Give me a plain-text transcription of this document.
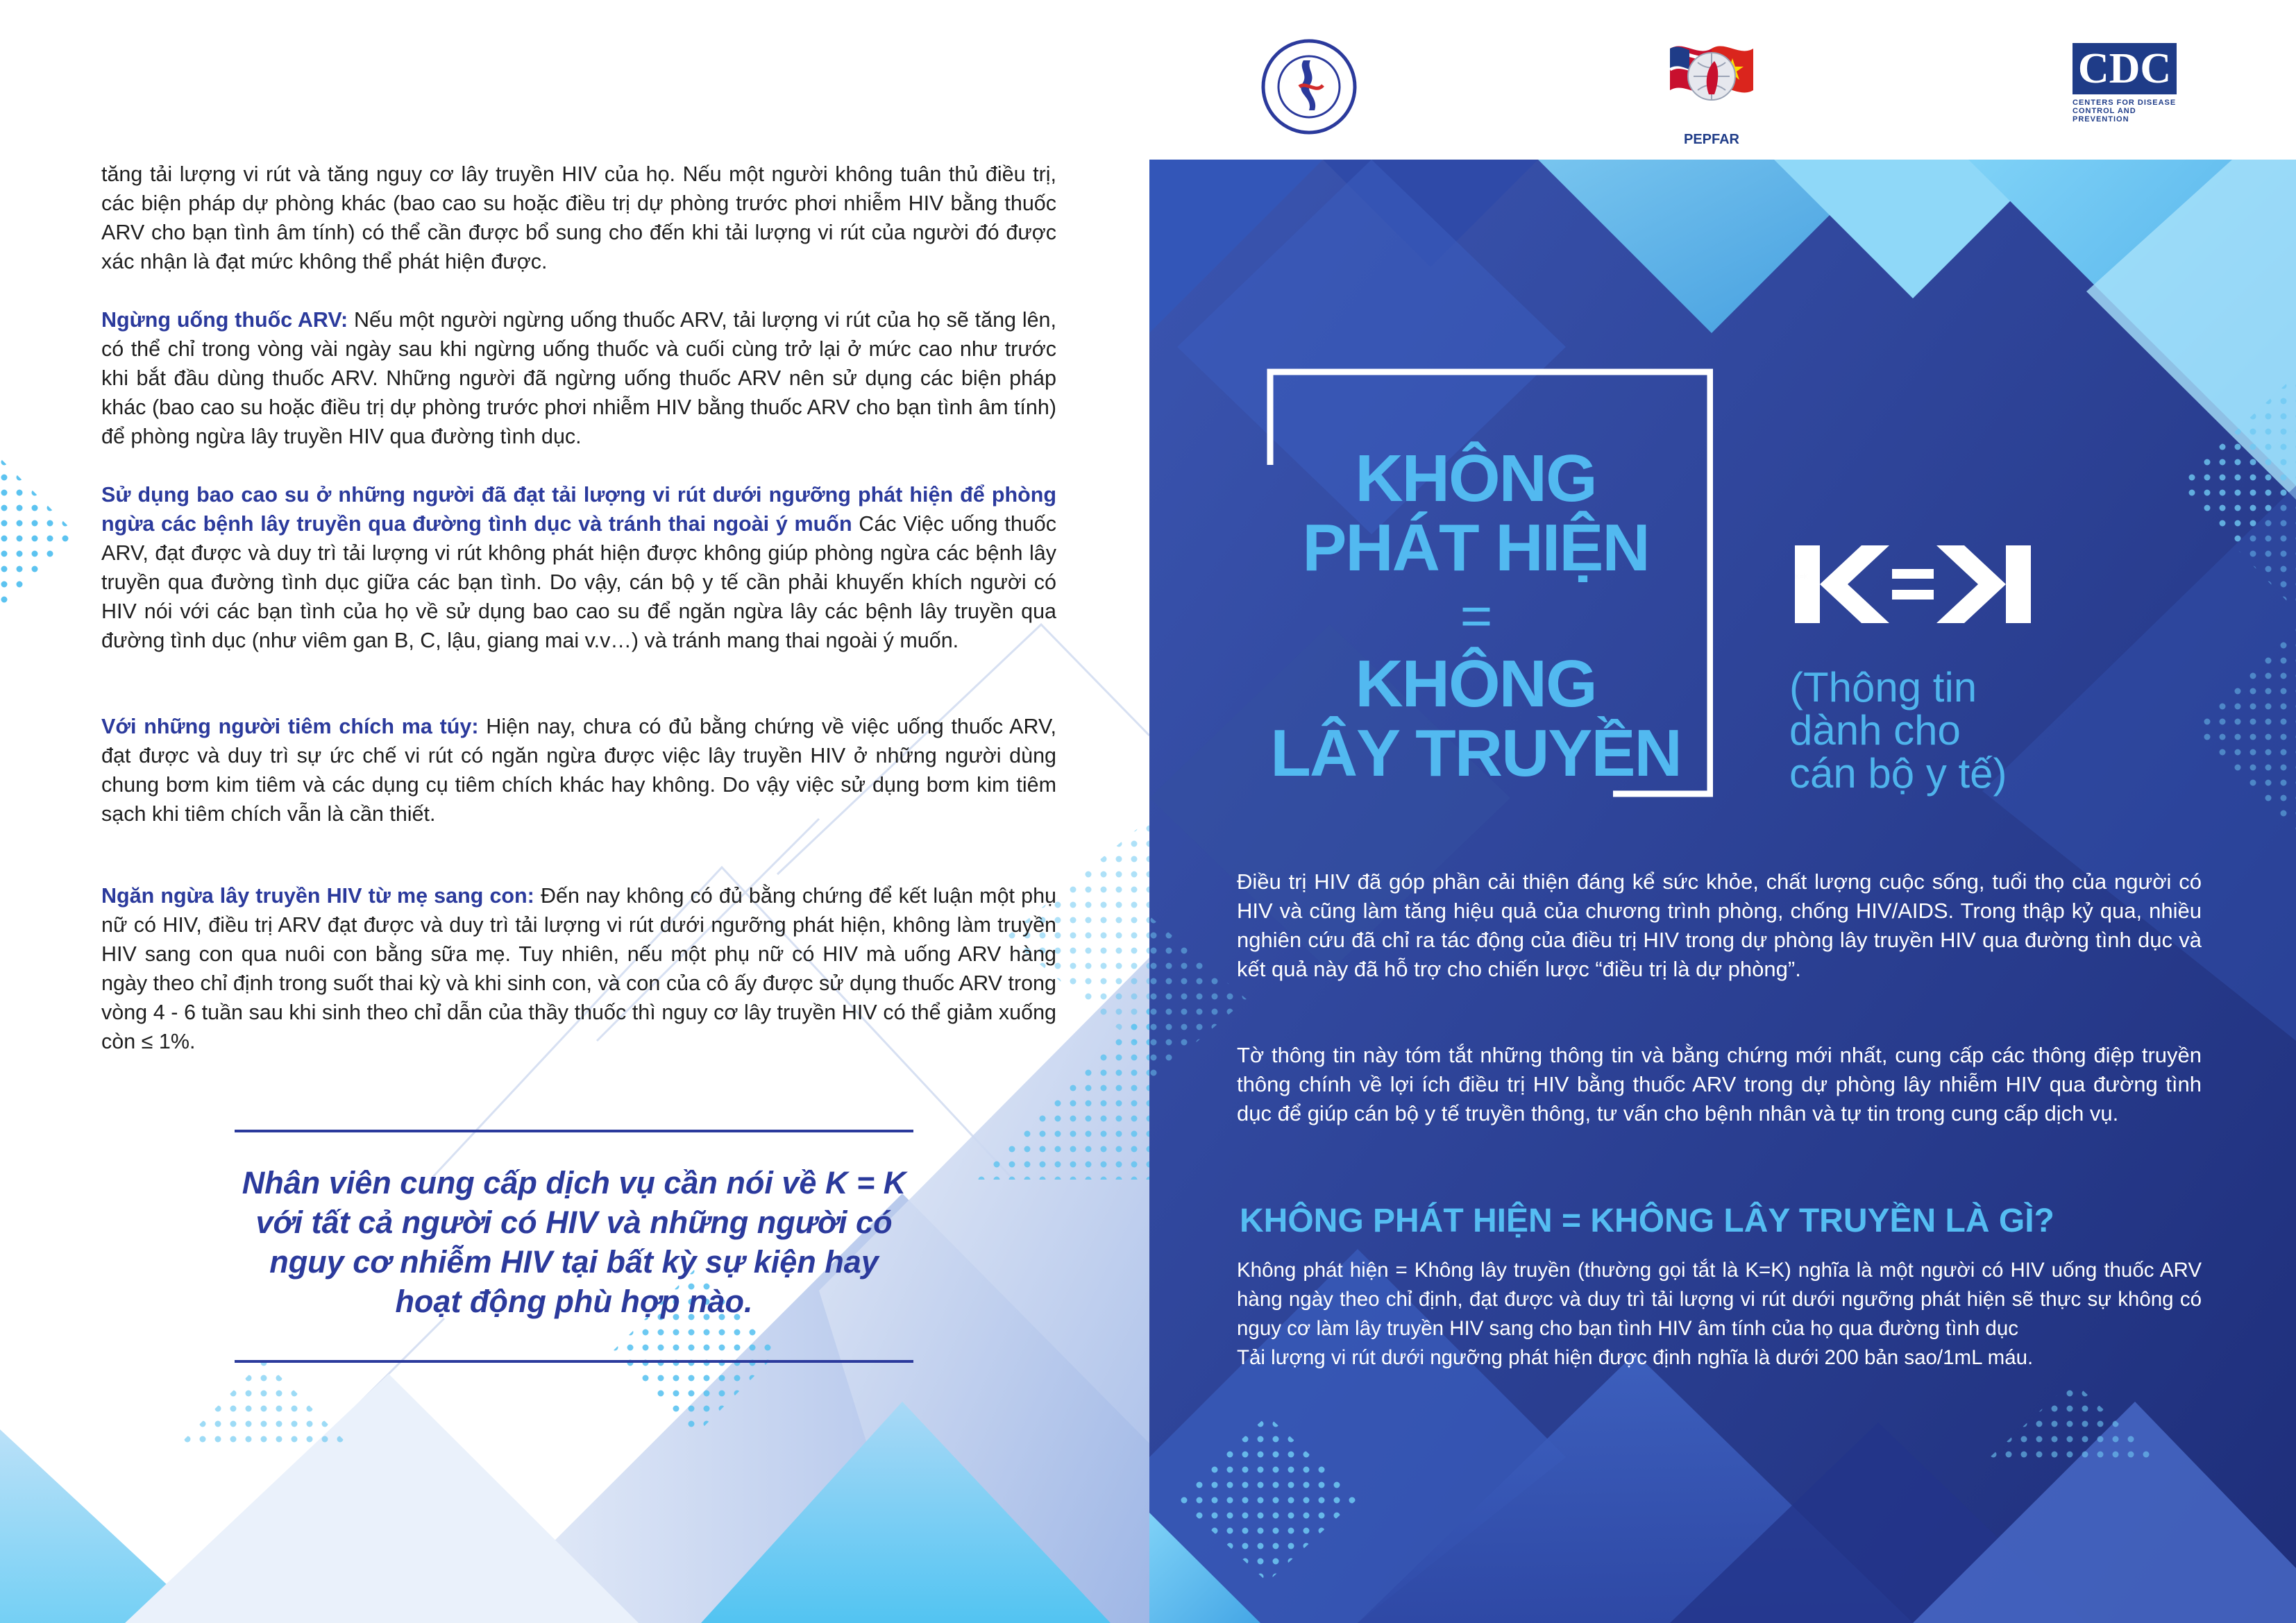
tăng tải lượng vi rút và tăng nguy cơ lây truyền HIV của họ. Nếu một người không tuân thủ điều trị, các biện pháp dự phòng khác (bao cao su hoặc điều trị dự phòng trước phơi nhiễm HIV bằng thuốc ARV cho bạn tình âm tính) có thể cần được bổ sung cho đến khi tải lượng vi rút của người đó được xác nhận là đạt mức không thể phát hiện được.

Ngừng uống thuốc ARV: Nếu một người ngừng uống thuốc ARV, tải lượng vi rút của họ sẽ tăng lên, có thể chỉ trong vòng vài ngày sau khi ngừng uống thuốc và cuối cùng trở lại ở mức cao như trước khi bắt đầu dùng thuốc ARV. Những người đã ngừng uống thuốc ARV nên sử dụng các biện pháp khác (bao cao su hoặc điều trị dự phòng trước phơi nhiễm HIV bằng thuốc ARV cho bạn tình âm tính) để phòng ngừa lây truyền HIV qua đường tình dục.

Sử dụng bao cao su ở những người đã đạt tải lượng vi rút dưới ngưỡng phát hiện để phòng ngừa các bệnh lây truyền qua đường tình dục và tránh thai ngoài ý muốn Các Việc uống thuốc ARV, đạt được và duy trì tải lượng vi rút không phát hiện được không giúp phòng ngừa các bệnh lây truyền qua đường tình dục giữa các bạn tình. Do vậy, cán bộ y tế cần phải khuyến khích người có HIV nói với các bạn tình của họ về sử dụng bao cao su để ngăn ngừa lây các bệnh lây truyền qua đường tình dục (như viêm gan B, C, lậu, giang mai v.v…) và tránh mang thai ngoài ý muốn.

Với những người tiêm chích ma túy: Hiện nay, chưa có đủ bằng chứng về việc uống thuốc ARV, đạt được và duy trì sự ức chế vi rút có ngăn ngừa được việc lây truyền HIV ở những người dùng chung bơm kim tiêm và các dụng cụ tiêm chích khác hay không. Do vậy việc sử dụng bơm kim tiêm sạch khi tiêm chích vẫn là cần thiết.

Ngăn ngừa lây truyền HIV từ mẹ sang con: Đến nay không có đủ bằng chứng để kết luận một phụ nữ có HIV, điều trị ARV đạt được và duy trì tải lượng vi rút dưới ngưỡng phát hiện, không làm truyền HIV sang con qua nuôi con bằng sữa mẹ. Tuy nhiên, nếu một phụ nữ có HIV mà uống ARV hàng ngày theo chỉ định trong suốt thai kỳ và khi sinh con, và con của cô ấy được sử dụng thuốc ARV trong vòng 4 - 6 tuần sau khi sinh theo chỉ dẫn của thầy thuốc thì nguy cơ lây truyền HIV có thể giảm xuống còn ≤ 1%.

Nhân viên cung cấp dịch vụ cần nói về K = K với tất cả người có HIV và những người có nguy cơ nhiễm HIV tại bất kỳ sự kiện hay hoạt động phù hợp nào.
PEPFAR
CDC
CENTERS FOR DISEASE
CONTROL AND PREVENTION
KHÔNG
PHÁT HIỆN
=
KHÔNG
LÂY TRUYỀN
(Thông tin
dành cho
cán bộ y tế)

Điều trị HIV đã góp phần cải thiện đáng kể sức khỏe, chất lượng cuộc sống, tuổi thọ của người có HIV và cũng làm tăng hiệu quả của chương trình phòng, chống HIV/AIDS. Trong thập kỷ qua, nhiều nghiên cứu đã chỉ ra tác động của điều trị HIV trong dự phòng lây truyền HIV qua đường tình dục và kết quả này đã hỗ trợ cho chiến lược “điều trị là dự phòng”.

Tờ thông tin này tóm tắt những thông tin và bằng chứng mới nhất, cung cấp các thông điệp truyền thông chính về lợi ích điều trị HIV bằng thuốc ARV trong dự phòng lây nhiễm HIV qua đường tình dục để giúp cán bộ y tế truyền thông, tư vấn cho bệnh nhân và tự tin trong cung cấp dịch vụ.

KHÔNG PHÁT HIỆN = KHÔNG LÂY TRUYỀN LÀ GÌ?

Không phát hiện = Không lây truyền (thường gọi tắt là K=K) nghĩa là một người có HIV uống thuốc ARV hàng ngày theo chỉ định, đạt được và duy trì tải lượng vi rút dưới ngưỡng phát hiện sẽ thực sự không có nguy cơ làm lây truyền HIV sang cho bạn tình HIV âm tính của họ qua đường tình dục

Tải lượng vi rút dưới ngưỡng phát hiện được định nghĩa là dưới 200 bản sao/1mL máu.
